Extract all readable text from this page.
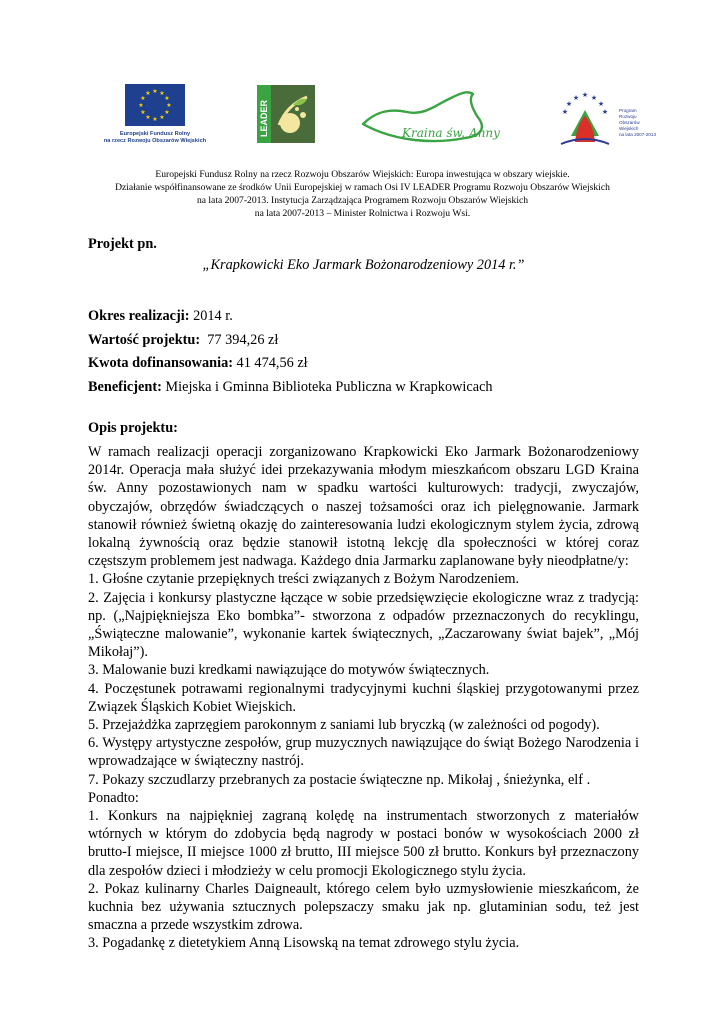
★ ★
★
★
★
★
★
★
★
★
★
★
Europejski Fundusz Rolny
na rzecz Rozwoju Obszarów Wiejskich
LEADER	Kraina św. Anny
★ ★
★
★
★
★	★ Program
Rozwoju
Obszarów
Wiejskich
na lata 2007-2013
Europejski Fundusz Rolny na rzecz Rozwoju Obszarów Wiejskich: Europa inwestująca w obszary wiejskie.
Działanie współfinansowane ze środków Unii Europejskiej w ramach Osi IV LEADER Programu Rozwoju Obszarów Wiejskich
na lata 2007-2013. Instytucja Zarządzająca Programem Rozwoju Obszarów Wiejskich
na lata 2007-2013 – Minister Rolnictwa i Rozwoju Wsi.
Projekt pn.
„Krapkowicki Eko Jarmark Bożonarodzeniowy 2014 r.”
Okres realizacji: 2014 r.
Wartość projektu:  77 394,26 zł
Kwota dofinansowania: 41 474,56 zł
Beneficjent: Miejska i Gminna Biblioteka Publiczna w Krapkowicach
Opis projektu:

W ramach realizacji operacji zorganizowano Krapkowicki Eko Jarmark Bożonarodzeniowy 2014r. Operacja mała służyć idei przekazywania młodym mieszkańcom obszaru LGD Kraina św. Anny pozostawionych nam w spadku wartości kulturowych: tradycji, zwyczajów, obyczajów, obrzędów świadczących o naszej tożsamości oraz ich pielęgnowanie. Jarmark stanowił również świetną okazję do zainteresowania ludzi ekologicznym stylem życia, zdrową lokalną żywnością oraz będzie stanowił istotną lekcję dla społeczności w której coraz częstszym problemem jest nadwaga. Każdego dnia Jarmarku zaplanowane były nieodpłatne/y:

1. Głośne czytanie przepięknych treści związanych z Bożym Narodzeniem.

2. Zajęcia i konkursy plastyczne łączące w sobie przedsięwzięcie ekologiczne wraz z tradycją: np. („Najpiękniejsza Eko bombka”- stworzona z odpadów przeznaczonych do recyklingu, „Świąteczne malowanie”, wykonanie kartek świątecznych, „Zaczarowany świat bajek”, „Mój Mikołaj”).

3. Malowanie buzi kredkami nawiązujące do motywów świątecznych.

4. Poczęstunek potrawami regionalnymi tradycyjnymi kuchni śląskiej przygotowanymi przez Związek Śląskich Kobiet Wiejskich.

5. Przejażdżka zaprzęgiem parokonnym z saniami lub bryczką (w zależności od pogody).

6. Występy artystyczne zespołów, grup muzycznych nawiązujące do świąt Bożego Narodzenia i wprowadzające w świąteczny nastrój.

7. Pokazy szczudlarzy przebranych za postacie świąteczne np. Mikołaj , śnieżynka, elf .

Ponadto:

1. Konkurs na najpiękniej zagraną kolędę na instrumentach stworzonych z materiałów wtórnych w którym do zdobycia będą nagrody w postaci bonów w wysokościach 2000 zł brutto-I miejsce, II miejsce 1000 zł brutto, III miejsce 500 zł brutto. Konkurs był przeznaczony dla zespołów dzieci i młodzieży w celu promocji Ekologicznego stylu życia.

2. Pokaz kulinarny Charles Daigneault, którego celem było uzmysłowienie mieszkańcom, że kuchnia bez używania sztucznych polepszaczy smaku jak np. glutaminian sodu, też jest smaczna a przede wszystkim zdrowa.

3. Pogadankę z dietetykiem Anną Lisowską na temat zdrowego stylu życia.
